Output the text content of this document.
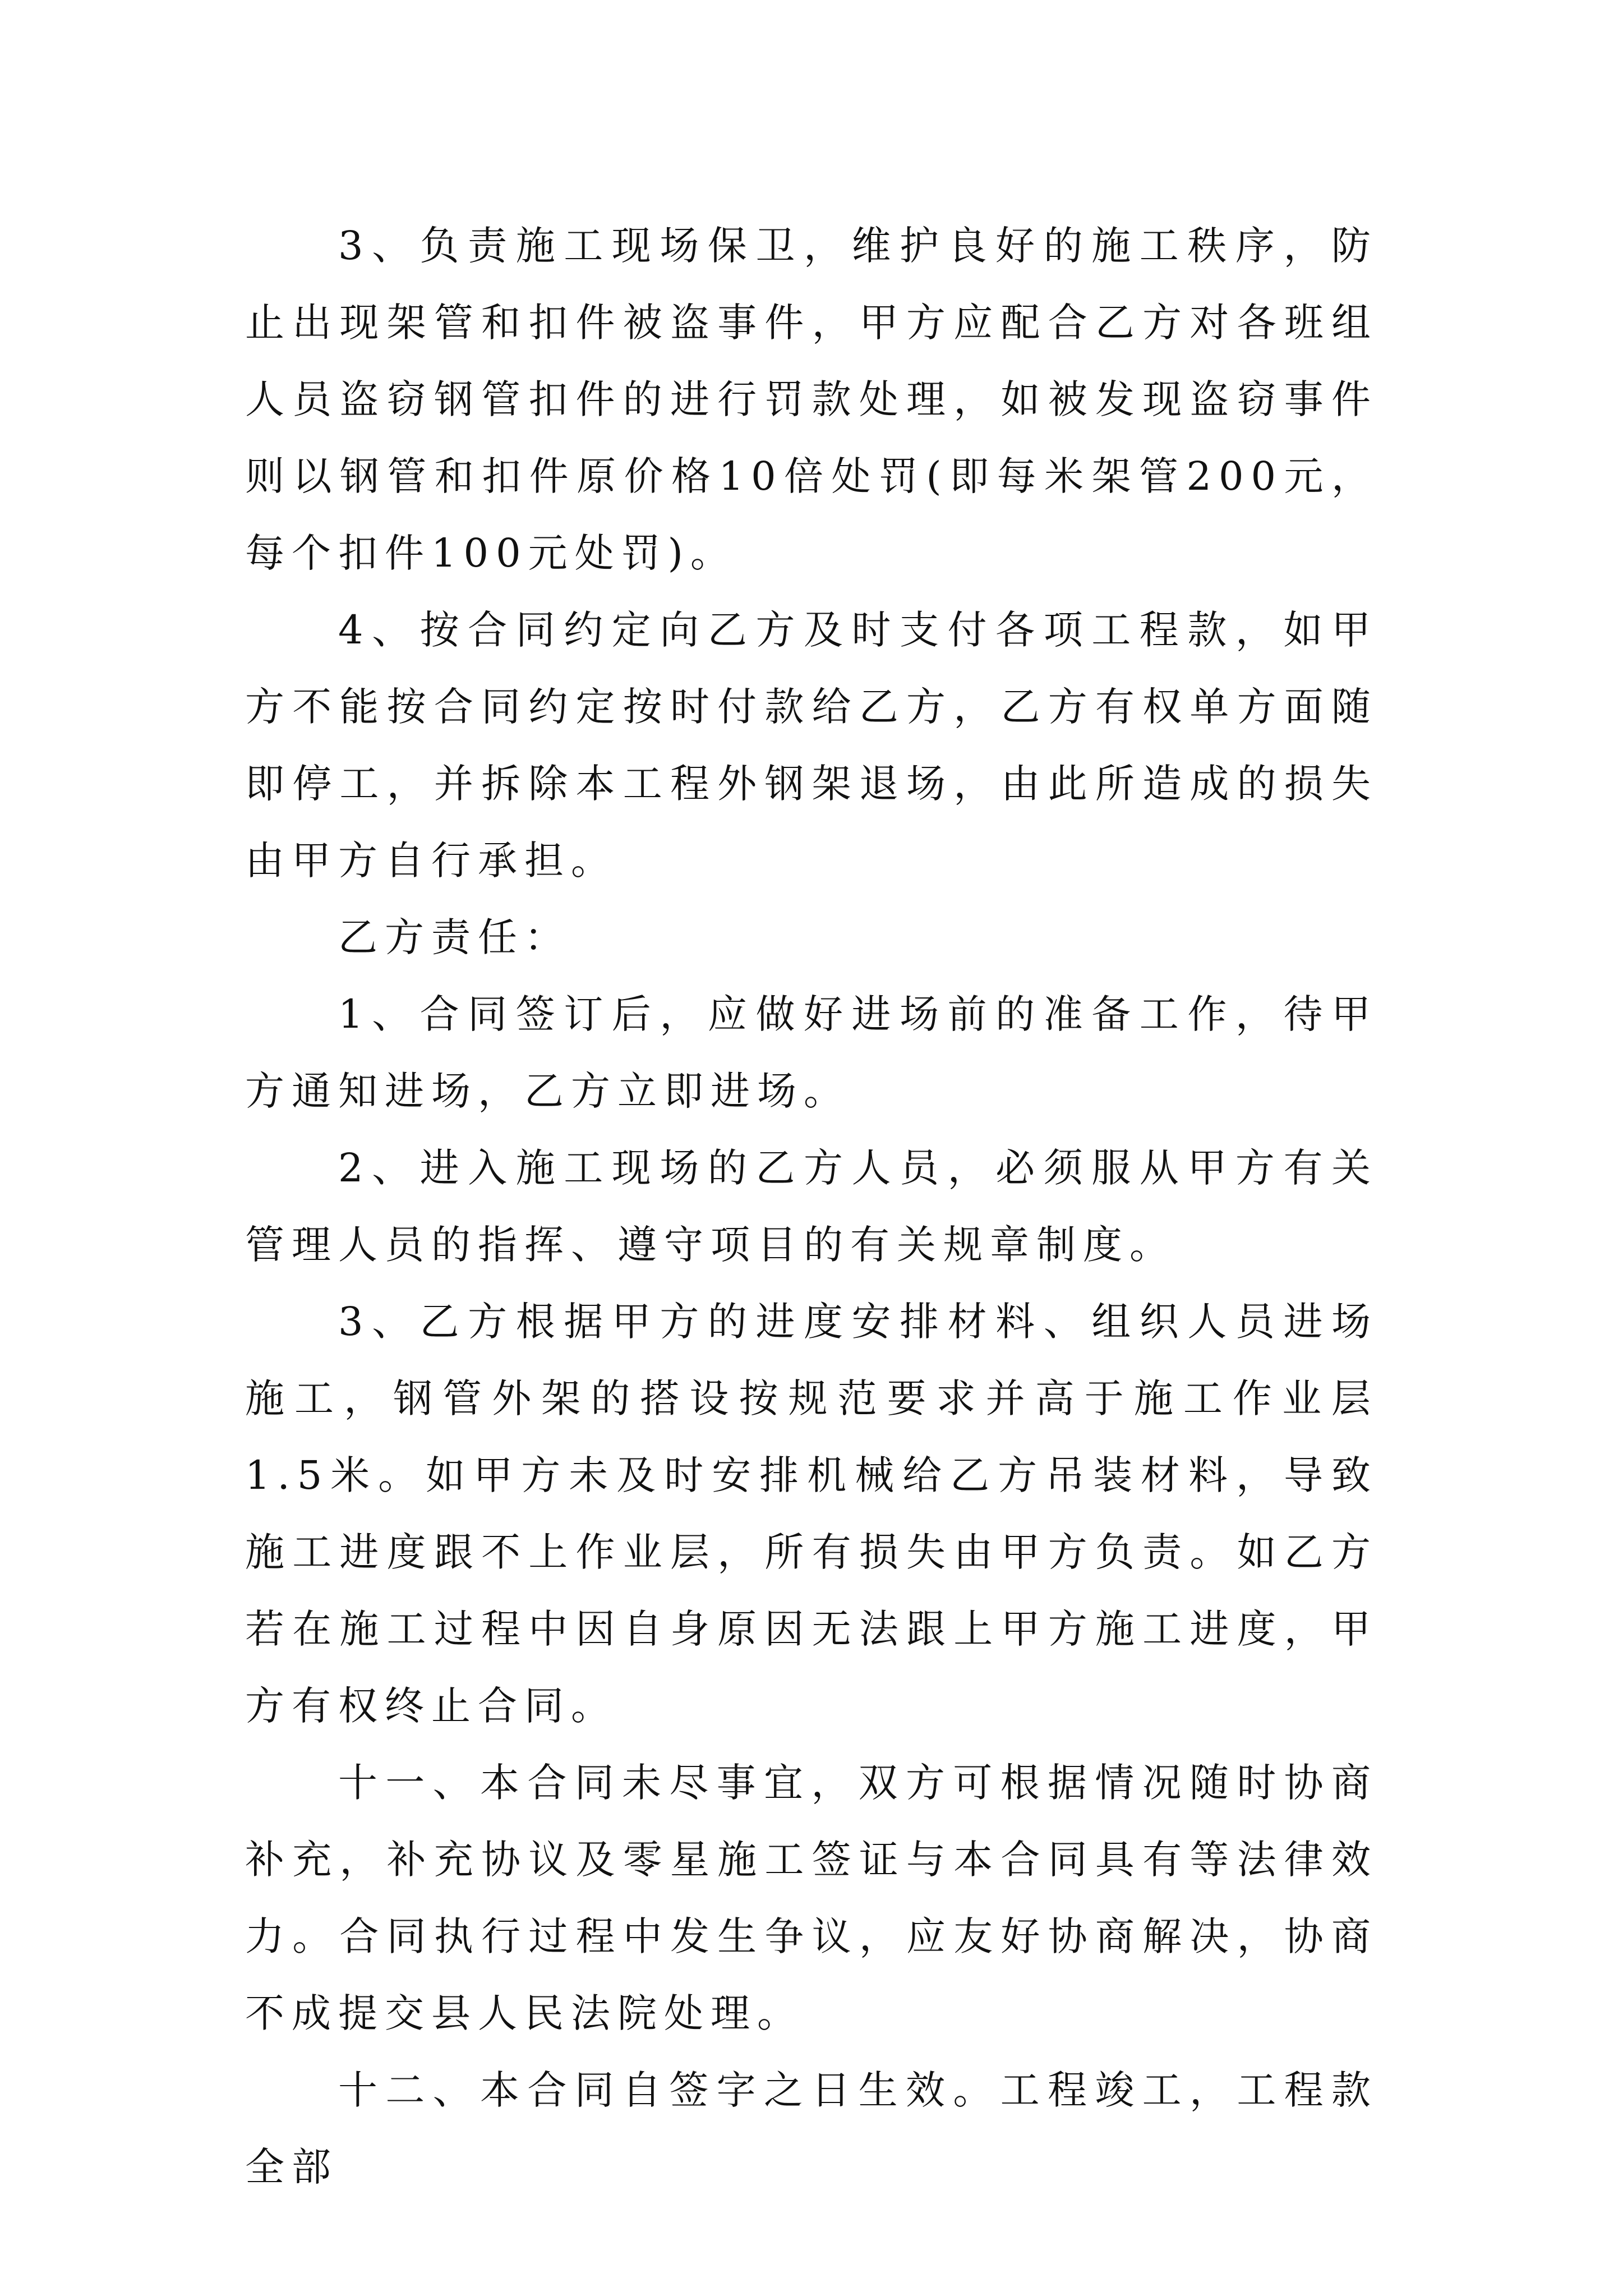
3、负责施工现场保卫，维护良好的施工秩序，防止出现架管和扣件被盗事件，甲方应配合乙方对各班组人员盗窃钢管扣件的进行罚款处理，如被发现盗窃事件则以钢管和扣件原价格10倍处罚(即每米架管200元，每个扣件100元处罚)。

4、按合同约定向乙方及时支付各项工程款，如甲方不能按合同约定按时付款给乙方，乙方有权单方面随即停工，并拆除本工程外钢架退场，由此所造成的损失由甲方自行承担。

乙方责任：

1、合同签订后，应做好进场前的准备工作，待甲方通知进场，乙方立即进场。

2、进入施工现场的乙方人员，必须服从甲方有关管理人员的指挥、遵守项目的有关规章制度。

3、乙方根据甲方的进度安排材料、组织人员进场施工，钢管外架的搭设按规范要求并高于施工作业层1.5米。如甲方未及时安排机械给乙方吊装材料，导致施工进度跟不上作业层，所有损失由甲方负责。如乙方若在施工过程中因自身原因无法跟上甲方施工进度，甲方有权终止合同。

十一、本合同未尽事宜，双方可根据情况随时协商补充，补充协议及零星施工签证与本合同具有等法律效力。合同执行过程中发生争议，应友好协商解决，协商不成提交县人民法院处理。

十二、本合同自签字之日生效。工程竣工，工程款全部
